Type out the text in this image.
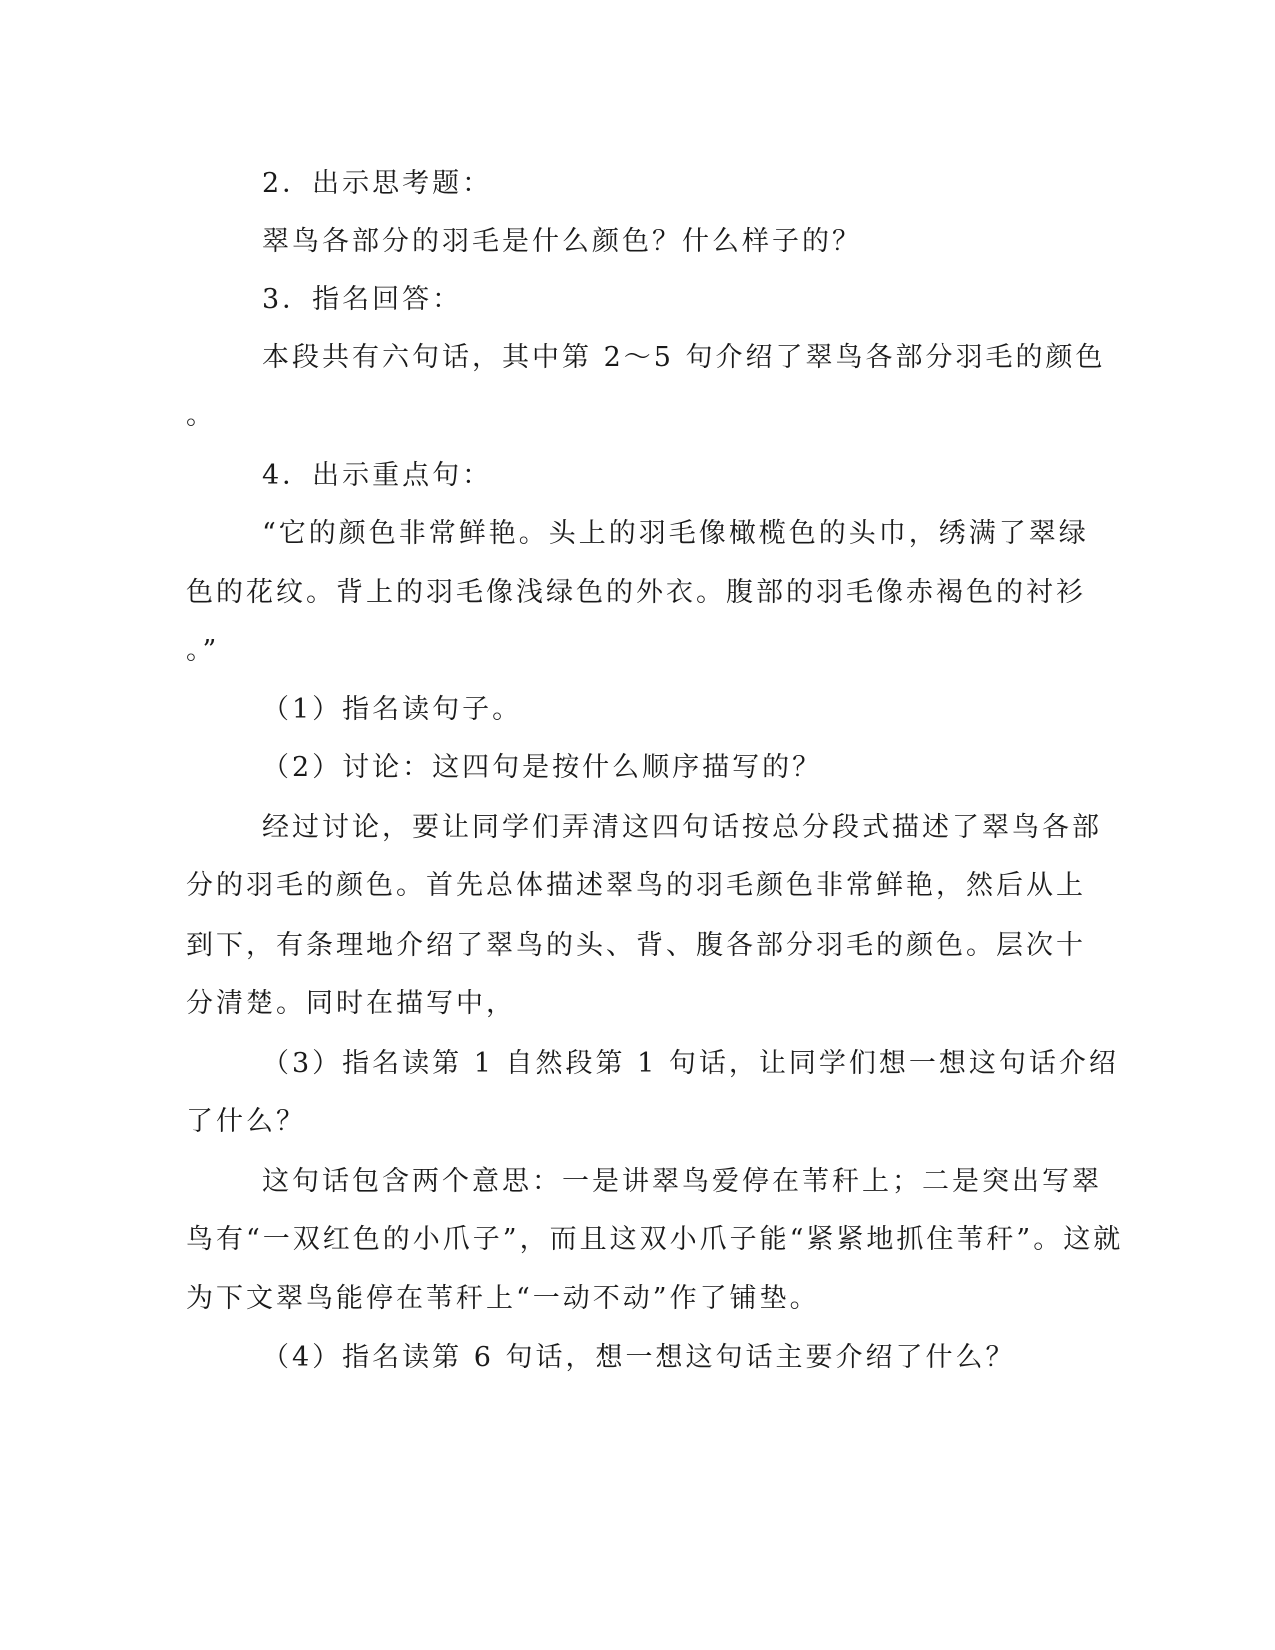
2．出示思考题：
翠鸟各部分的羽毛是什么颜色？什么样子的？
3．指名回答：
本段共有六句话，其中第 2～5 句介绍了翠鸟各部分羽毛的颜色
。
4．出示重点句：
“它的颜色非常鲜艳。头上的羽毛像橄榄色的头巾，绣满了翠绿
色的花纹。背上的羽毛像浅绿色的外衣。腹部的羽毛像赤褐色的衬衫
。”
（1）指名读句子。
（2）讨论：这四句是按什么顺序描写的？
经过讨论，要让同学们弄清这四句话按总分段式描述了翠鸟各部
分的羽毛的颜色。首先总体描述翠鸟的羽毛颜色非常鲜艳，然后从上
到下，有条理地介绍了翠鸟的头、背、腹各部分羽毛的颜色。层次十
分清楚。同时在描写中，
（3）指名读第 1 自然段第 1 句话，让同学们想一想这句话介绍
了什么？
这句话包含两个意思：一是讲翠鸟爱停在苇秆上；二是突出写翠
鸟有“一双红色的小爪子”，而且这双小爪子能“紧紧地抓住苇秆”。这就
为下文翠鸟能停在苇秆上“一动不动”作了铺垫。
（4）指名读第 6 句话，想一想这句话主要介绍了什么？
